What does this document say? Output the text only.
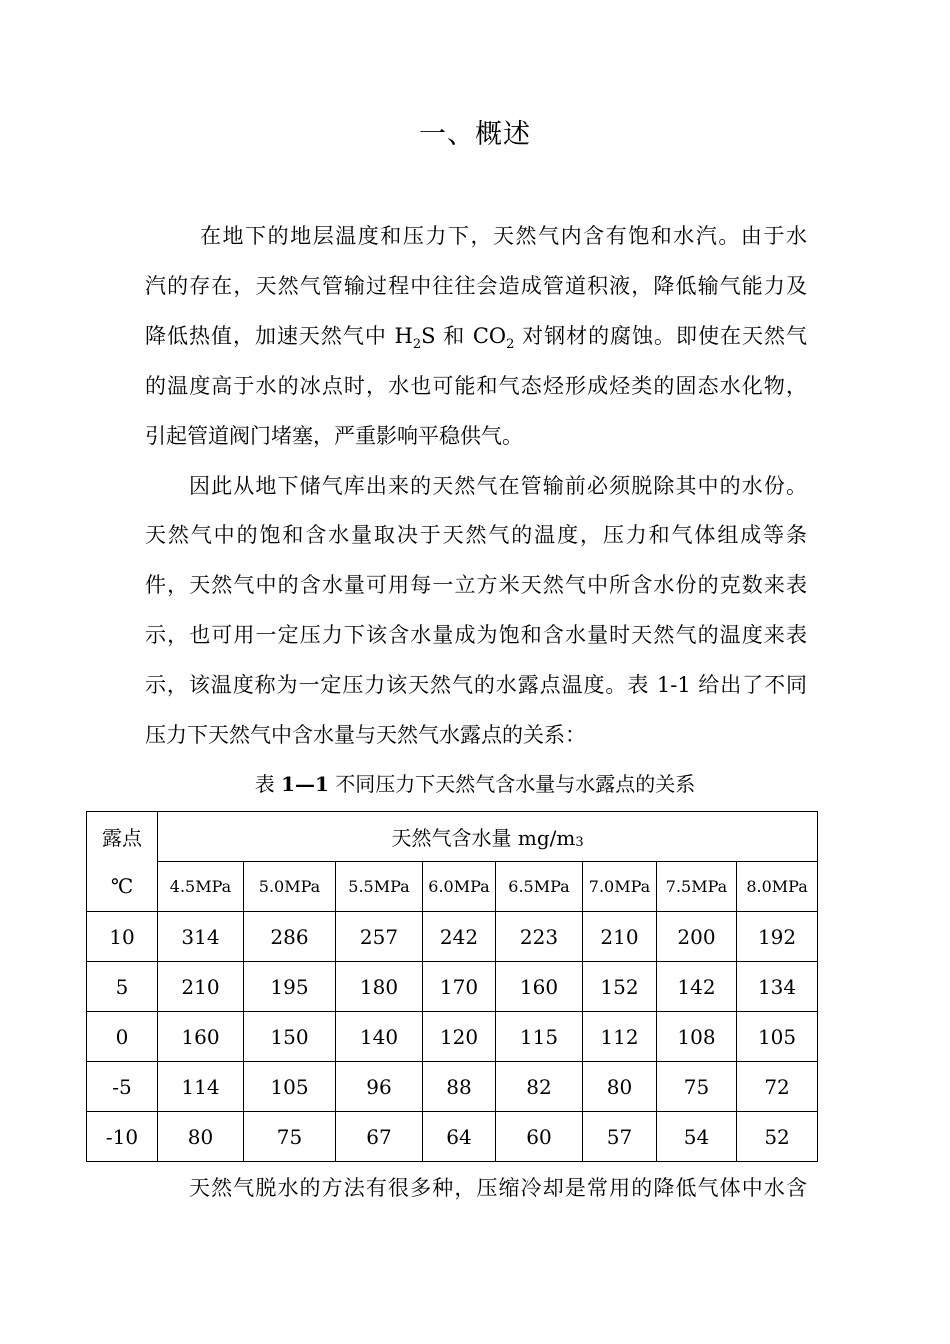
一、概述
在地下的地层温度和压力下，天然气内含有饱和水汽。由于水
汽的存在，天然气管输过程中往往会造成管道积液，降低输气能力及
降低热值，加速天然气中 $H_2S$ 和 $CO_2$ 对钢材的腐蚀。即使在天然气
的温度高于水的冰点时，水也可能和气态烃形成烃类的固态水化物，
引起管道阀门堵塞，严重影响平稳供气。
因此从地下储气库出来的天然气在管输前必须脱除其中的水份。
天然气中的饱和含水量取决于天然气的温度，压力和气体组成等条
件，天然气中的含水量可用每一立方米天然气中所含水份的克数来表
示，也可用一定压力下该含水量成为饱和含水量时天然气的温度来表
示，该温度称为一定压力该天然气的水露点温度。表 1-1 给出了不同
压力下天然气中含水量与天然气水露点的关系：
表 1—1 不同压力下天然气含水量与水露点的关系
露点	天然气含水量 $mg/m^3$
℃	4.5MPa	5.0MPa	5.5MPa	6.0MPa	6.5MPa	7.0MPa	7.5MPa	8.0MPa
10	314	286	257	242	223	210	200	192
5	210	195	180	170	160	152	142	134
0	160	150	140	120	115	112	108	105
-5	114	105	96	88	82	80	75	72
-10	80	75	67	64	60	57	54	52
天然气脱水的方法有很多种，压缩冷却是常用的降低气体中水含
